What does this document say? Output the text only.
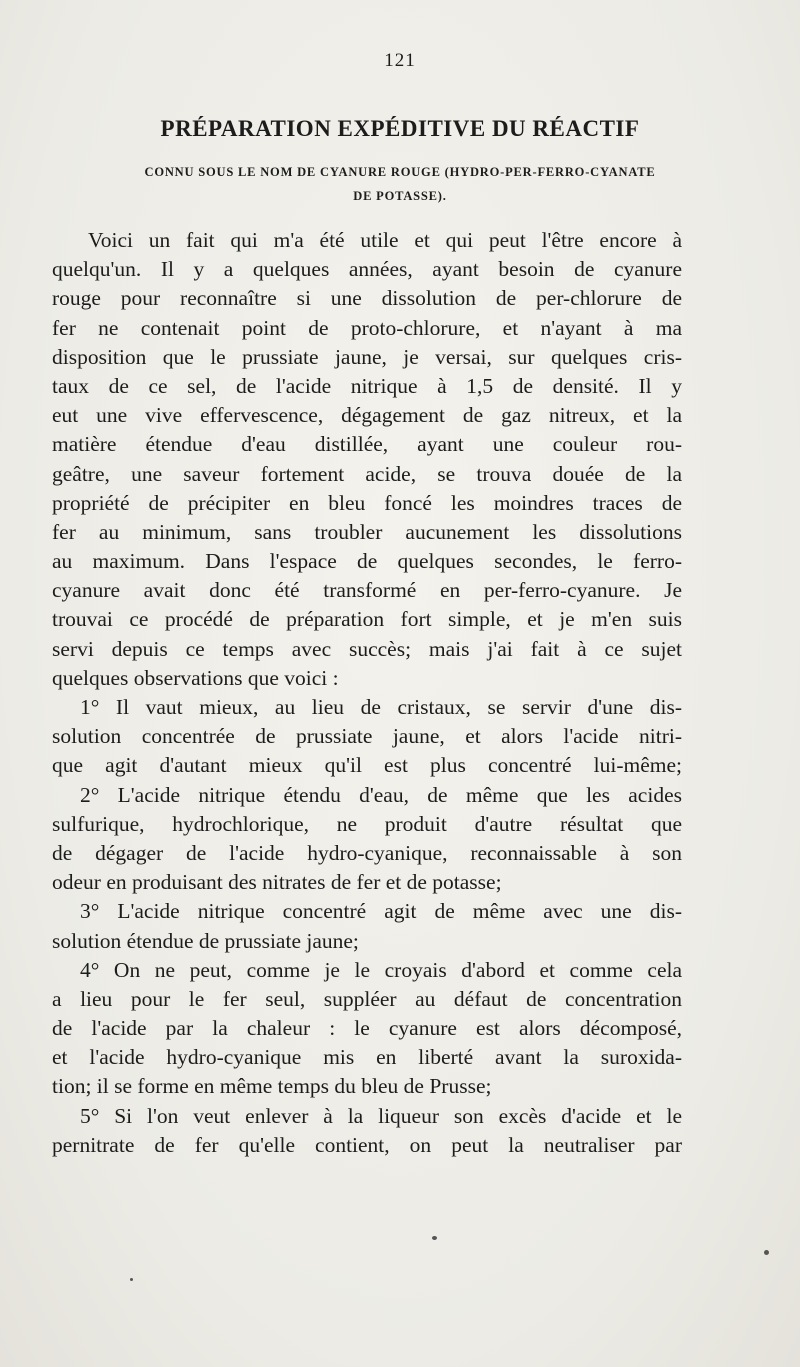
121
PRÉPARATION EXPÉDITIVE DU RÉACTIF
CONNU SOUS LE NOM DE CYANURE ROUGE (HYDRO-PER-FERRO-CYANATE
DE POTASSE).
Voici un fait qui m'a été utile et qui peut l'être encore à
quelqu'un. Il y a quelques années, ayant besoin de cyanure
rouge pour reconnaître si une dissolution de per-chlorure de
fer ne contenait point de proto-chlorure, et n'ayant à ma
disposition que le prussiate jaune, je versai, sur quelques cris-
taux de ce sel, de l'acide nitrique à 1,5 de densité. Il y
eut une vive effervescence, dégagement de gaz nitreux, et la
matière étendue d'eau distillée, ayant une couleur rou-
geâtre, une saveur fortement acide, se trouva douée de la
propriété de précipiter en bleu foncé les moindres traces de
fer au minimum, sans troubler aucunement les dissolutions
au maximum. Dans l'espace de quelques secondes, le ferro-
cyanure avait donc été transformé en per-ferro-cyanure. Je
trouvai ce procédé de préparation fort simple, et je m'en suis
servi depuis ce temps avec succès; mais j'ai fait à ce sujet
quelques observations que voici :
1° Il vaut mieux, au lieu de cristaux, se servir d'une dis-
solution concentrée de prussiate jaune, et alors l'acide nitri-
que agit d'autant mieux qu'il est plus concentré lui-même;
2° L'acide nitrique étendu d'eau, de même que les acides
sulfurique, hydrochlorique, ne produit d'autre résultat que
de dégager de l'acide hydro-cyanique, reconnaissable à son
odeur en produisant des nitrates de fer et de potasse;
3° L'acide nitrique concentré agit de même avec une dis-
solution étendue de prussiate jaune;
4° On ne peut, comme je le croyais d'abord et comme cela
a lieu pour le fer seul, suppléer au défaut de concentration
de l'acide par la chaleur : le cyanure est alors décomposé,
et l'acide hydro-cyanique mis en liberté avant la suroxida-
tion; il se forme en même temps du bleu de Prusse;
5° Si l'on veut enlever à la liqueur son excès d'acide et le
pernitrate de fer qu'elle contient, on peut la neutraliser par
